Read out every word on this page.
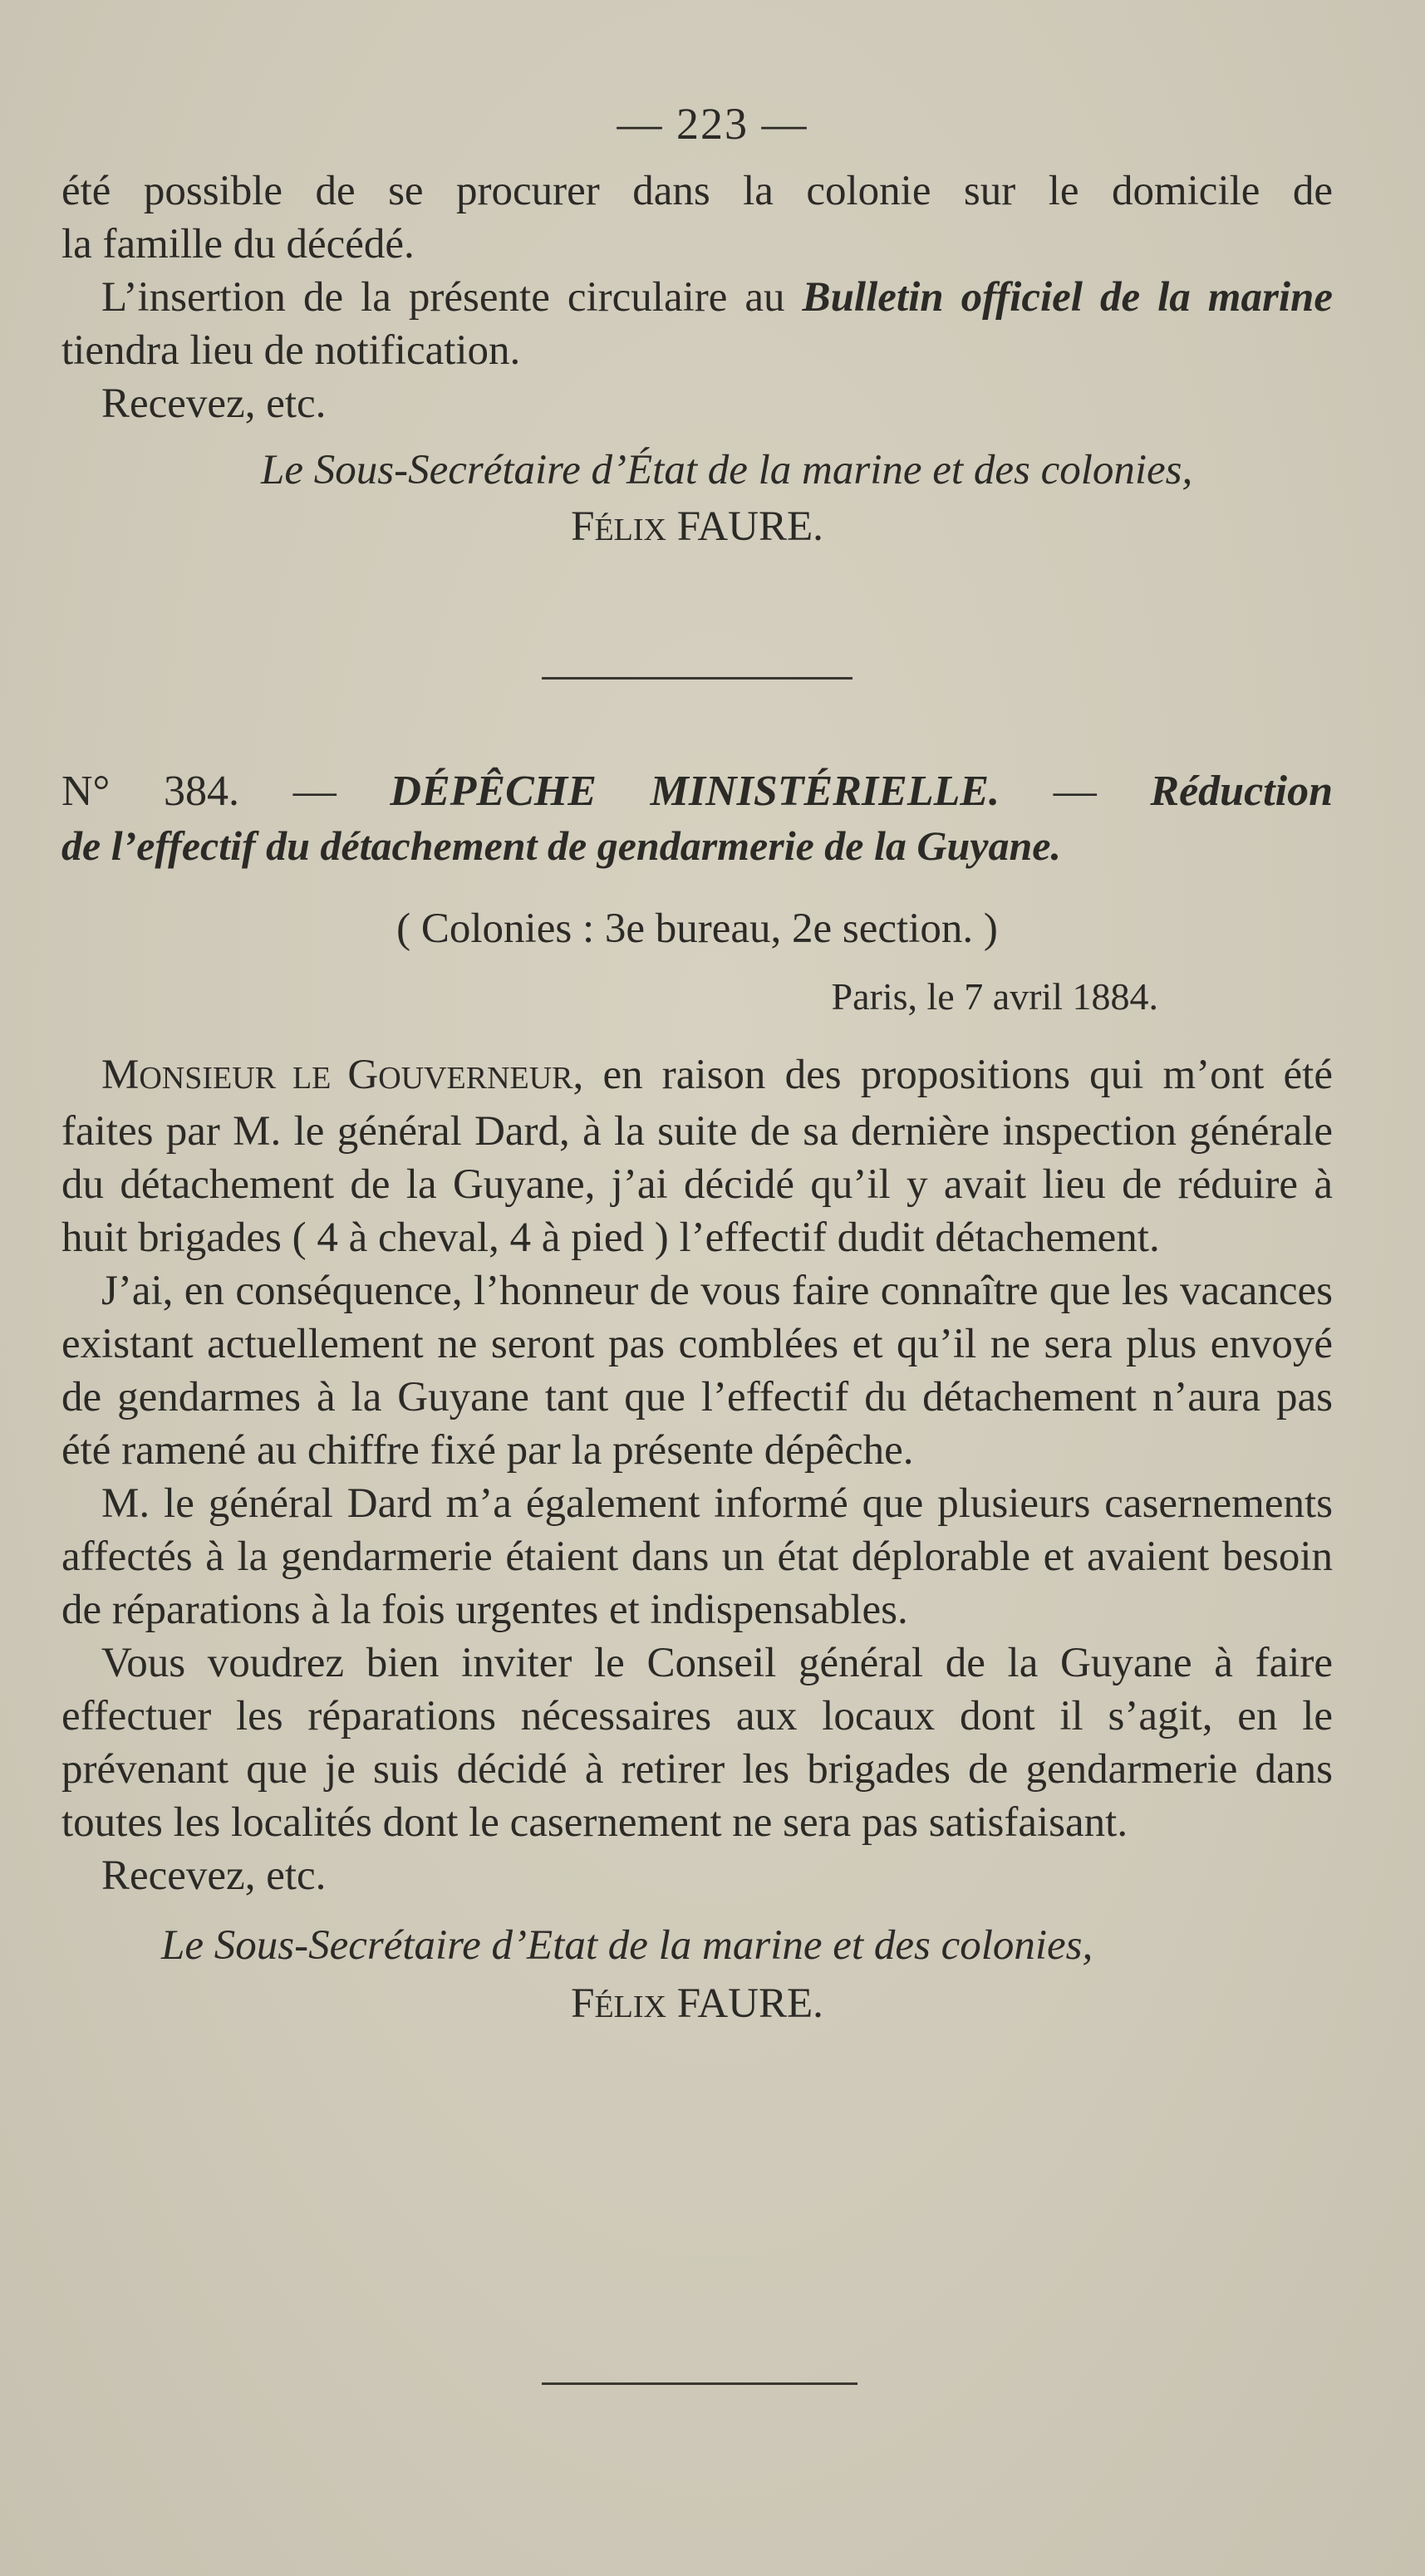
— 223 —

été possible de se procurer dans la colonie sur le domicile de

la famille du décédé.

L’insertion de la présente circulaire au Bulletin officiel de la marine tiendra lieu de notification.

Recevez, etc.

Le Sous-Secrétaire d’État de la marine et des colonies,

FÉLIX FAURE.

N° 384. — DÉPÊCHE MINISTÉRIELLE. — Réduction

de l’effectif du détachement de gendarmerie de la Guyane.

( Colonies : 3e bureau, 2e section. )

Paris, le 7 avril 1884.

MONSIEUR LE GOUVERNEUR, en raison des propositions qui m’ont été faites par M. le général Dard, à la suite de sa dernière inspection générale du détachement de la Guyane, j’ai décidé qu’il y avait lieu de réduire à huit brigades ( 4 à cheval, 4 à pied ) l’effectif dudit détachement.

J’ai, en conséquence, l’honneur de vous faire connaître que les vacances existant actuellement ne seront pas comblées et qu’il ne sera plus envoyé de gendarmes à la Guyane tant que l’effectif du détachement n’aura pas été ramené au chiffre fixé par la présente dépêche.

M. le général Dard m’a également informé que plusieurs casernements affectés à la gendarmerie étaient dans un état déplorable et avaient besoin de réparations à la fois urgentes et indispensables.

Vous voudrez bien inviter le Conseil général de la Guyane à faire effectuer les réparations nécessaires aux locaux dont il s’agit, en le prévenant que je suis décidé à retirer les brigades de gendarmerie dans toutes les localités dont le casernement ne sera pas satisfaisant.

Recevez, etc.

Le Sous-Secrétaire d’Etat de la marine et des colonies,

FÉLIX FAURE.
